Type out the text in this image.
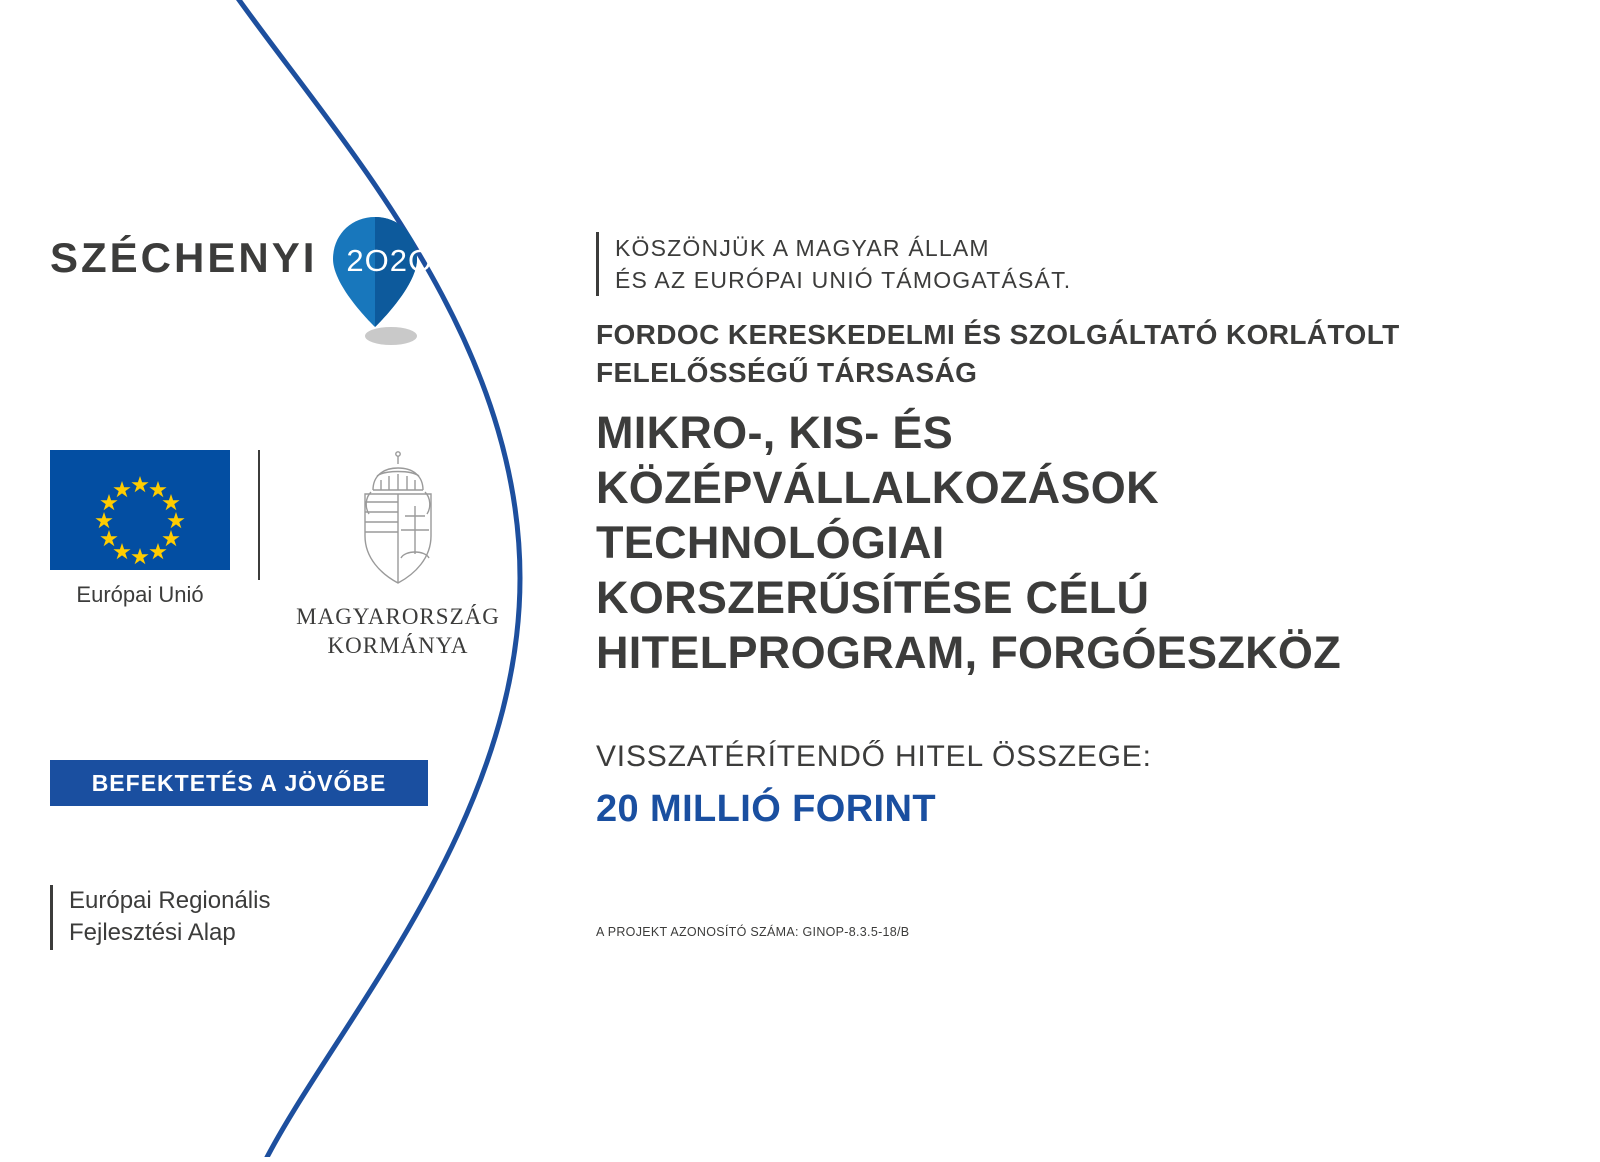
SZÉCHENYI 2O2O
Európai Unió
MAGYARORSZÁG
KORMÁNYA
BEFEKTETÉS A JÖVŐBE
Európai Regionális
Fejlesztési Alap
KÖSZÖNJÜK A MAGYAR ÁLLAM
ÉS AZ EURÓPAI UNIÓ TÁMOGATÁSÁT.
FORDOC KERESKEDELMI ÉS SZOLGÁLTATÓ KORLÁTOLT
FELELŐSSÉGŰ TÁRSASÁG
MIKRO-, KIS- ÉS
KÖZÉPVÁLLALKOZÁSOK
TECHNOLÓGIAI
KORSZERŰSÍTÉSE CÉLÚ
HITELPROGRAM, FORGÓESZKÖZ
VISSZATÉRÍTENDŐ HITEL ÖSSZEGE:
20 MILLIÓ FORINT
A PROJEKT AZONOSÍTÓ SZÁMA: GINOP-8.3.5-18/B
